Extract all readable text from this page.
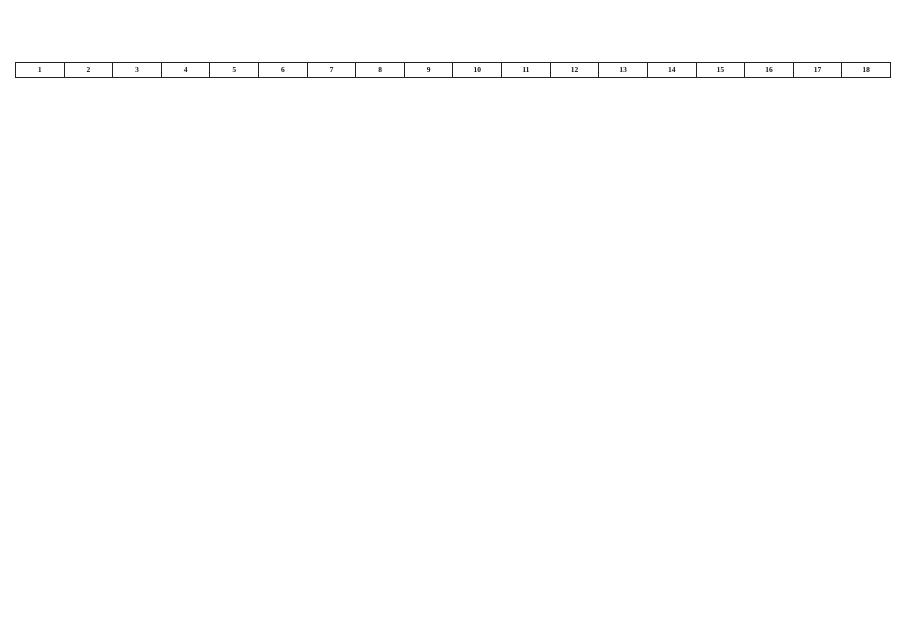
1	2	3	4	5	6	7	8	9	10	11	12	13	14	15	16	17	18
